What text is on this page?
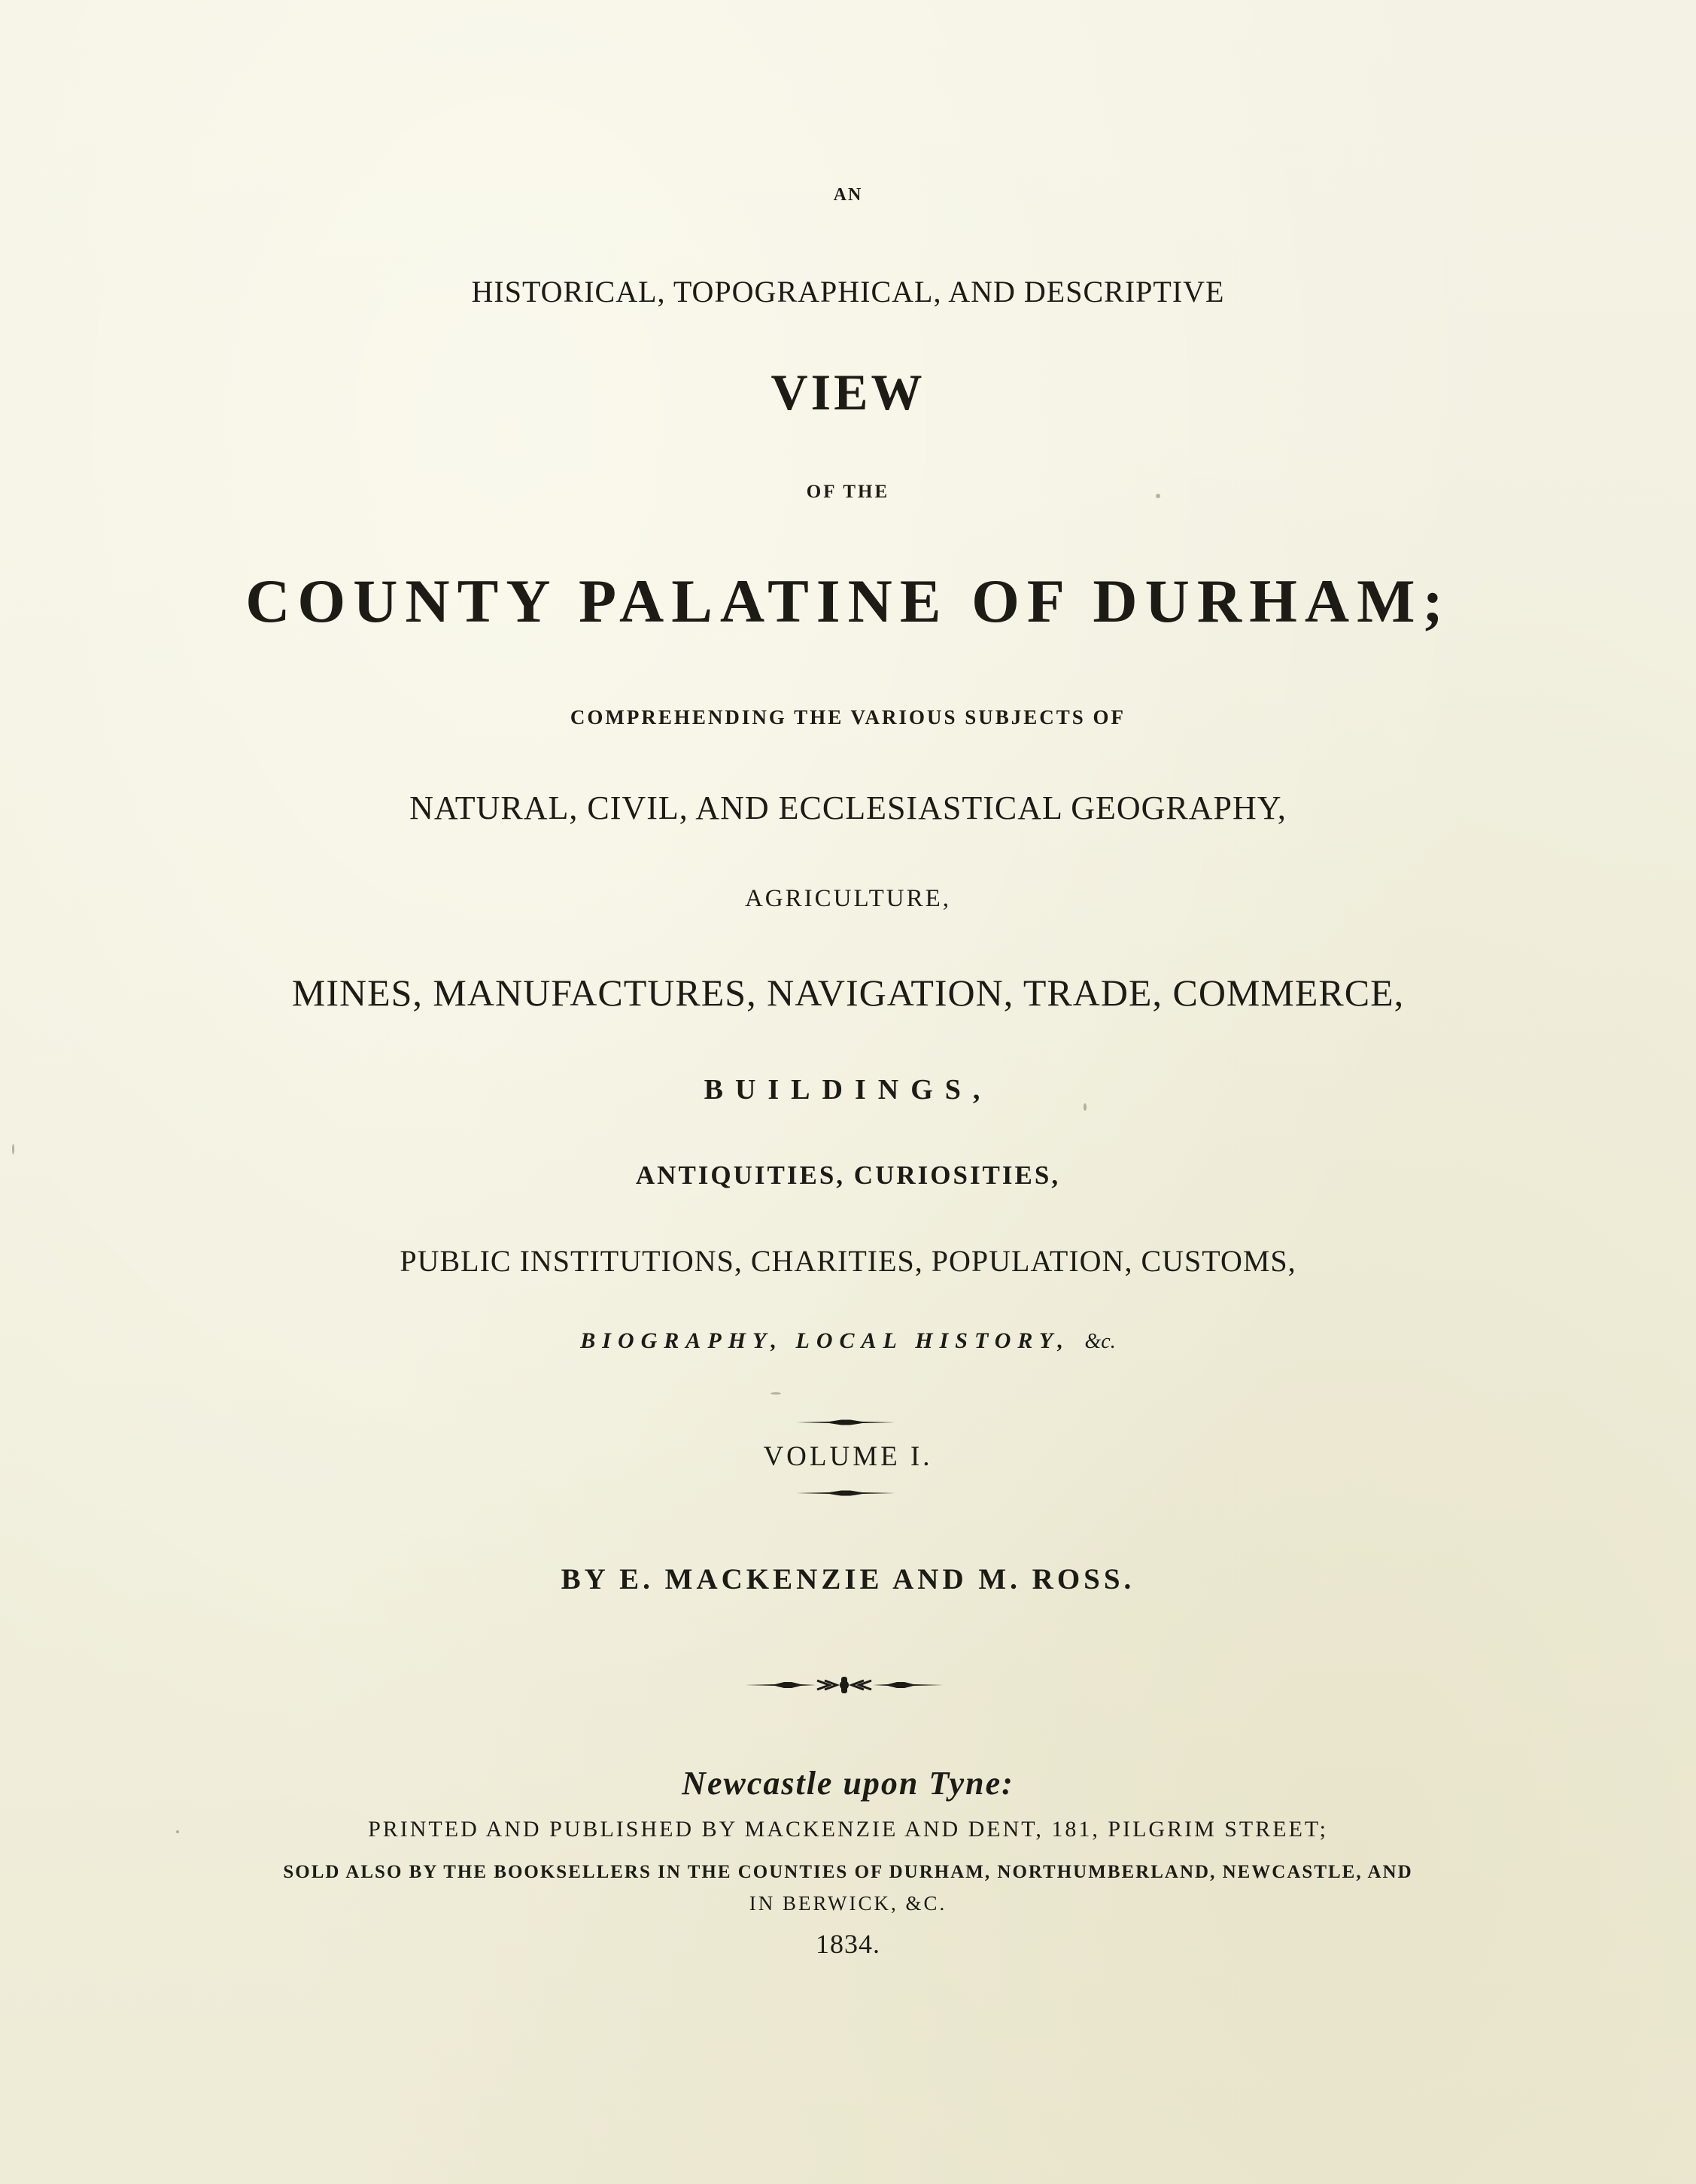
AN
HISTORICAL, TOPOGRAPHICAL, AND DESCRIPTIVE
VIEW
OF THE
COUNTY PALATINE OF DURHAM;
COMPREHENDING THE VARIOUS SUBJECTS OF
NATURAL, CIVIL, AND ECCLESIASTICAL GEOGRAPHY,
AGRICULTURE,
MINES, MANUFACTURES, NAVIGATION, TRADE, COMMERCE,
BUILDINGS,
ANTIQUITIES, CURIOSITIES,
PUBLIC INSTITUTIONS, CHARITIES, POPULATION, CUSTOMS,
BIOGRAPHY, LOCAL HISTORY, &c.
VOLUME I.
BY E. MACKENZIE AND M. ROSS.
Newcastle upon Tyne:
PRINTED AND PUBLISHED BY MACKENZIE AND DENT, 181, PILGRIM STREET;
SOLD ALSO BY THE BOOKSELLERS IN THE COUNTIES OF DURHAM, NORTHUMBERLAND, NEWCASTLE, AND
IN BERWICK, &C.
1834.
